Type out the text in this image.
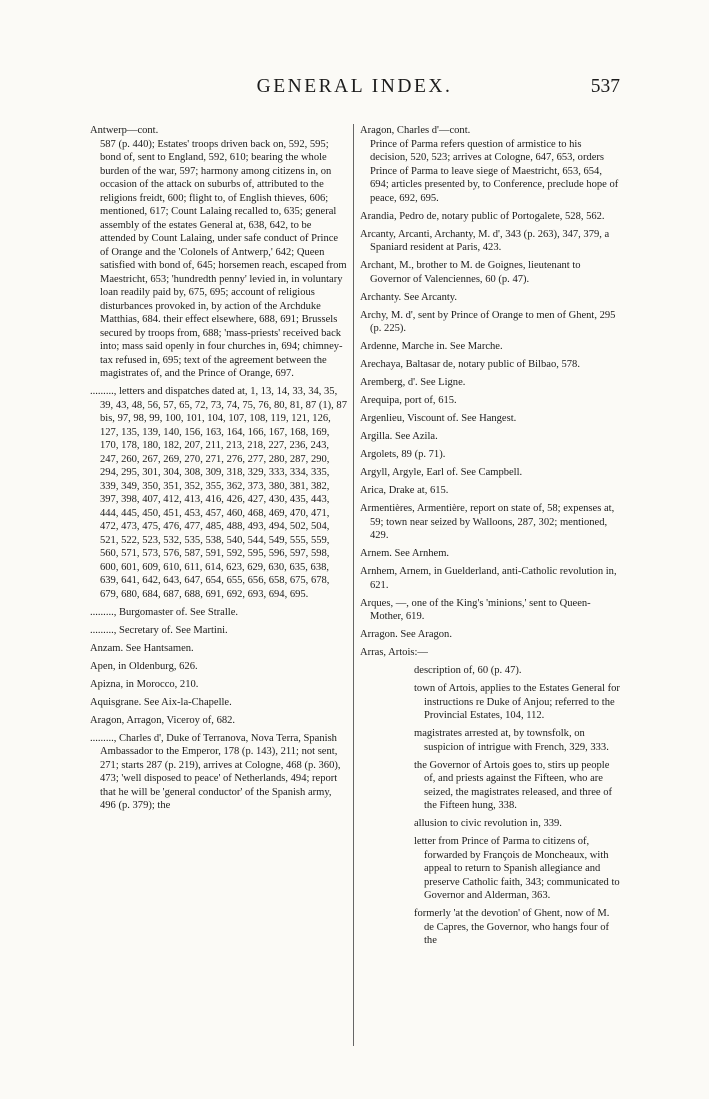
GENERAL INDEX.	537
Antwerp—cont.
587 (p. 440); Estates' troops driven back on, 592, 595; bond of, sent to England, 592, 610; bearing the whole burden of the war, 597; harmony among citizens in, on occasion of the attack on suburbs of, attributed to the religions freidt, 600; flight to, of English thieves, 606; mentioned, 617; Count Lalaing recalled to, 635; general assembly of the estates General at, 638, 642, to be attended by Count Lalaing, under safe conduct of Prince of Orange and the 'Colonels of Antwerp,' 642; Queen satisfied with bond of, 645; horsemen reach, escaped from Maestricht, 653; 'hundredth penny' levied in, in voluntary loan readily paid by, 675, 695; account of religious disturbances provoked in, by action of the Archduke Matthias, 684. their effect elsewhere, 688, 691; Brussels secured by troops from, 688; 'mass-priests' received back into; mass said openly in four churches in, 694; chimney-tax refused in, 695; text of the agreement between the magistrates of, and the Prince of Orange, 697.
........., letters and dispatches dated at, 1, 13, 14, 33, 34, 35, 39, 43, 48, 56, 57, 65, 72, 73, 74, 75, 76, 80, 81, 87 (1), 87 bis, 97, 98, 99, 100, 101, 104, 107, 108, 119, 121, 126, 127, 135, 139, 140, 156, 163, 164, 166, 167, 168, 169, 170, 178, 180, 182, 207, 211, 213, 218, 227, 236, 243, 247, 260, 267, 269, 270, 271, 276, 277, 280, 287, 290, 294, 295, 301, 304, 308, 309, 318, 329, 333, 334, 335, 339, 349, 350, 351, 352, 355, 362, 373, 380, 381, 382, 397, 398, 407, 412, 413, 416, 426, 427, 430, 435, 443, 444, 445, 450, 451, 453, 457, 460, 468, 469, 470, 471, 472, 473, 475, 476, 477, 485, 488, 493, 494, 502, 504, 521, 522, 523, 532, 535, 538, 540, 544, 549, 555, 559, 560, 571, 573, 576, 587, 591, 592, 595, 596, 597, 598, 600, 601, 609, 610, 611, 614, 623, 629, 630, 635, 638, 639, 641, 642, 643, 647, 654, 655, 656, 658, 675, 678, 679, 680, 684, 687, 688, 691, 692, 693, 694, 695.
........., Burgomaster of. See Stralle.
........., Secretary of. See Martini.
Anzam. See Hantsamen.
Apen, in Oldenburg, 626.
Apizna, in Morocco, 210.
Aquisgrane. See Aix-la-Chapelle.
Aragon, Arragon, Viceroy of, 682.
........., Charles d', Duke of Terranova, Nova Terra, Spanish Ambassador to the Emperor, 178 (p. 143), 211; not sent, 271; starts 287 (p. 219), arrives at Cologne, 468 (p. 360), 473; 'well disposed to peace' of Netherlands, 494; report that he will be 'general conductor' of the Spanish army, 496 (p. 379); the
Aragon, Charles d'—cont.
Prince of Parma refers question of armistice to his decision, 520, 523; arrives at Cologne, 647, 653, orders Prince of Parma to leave siege of Maestricht, 653, 654, 694; articles presented by, to Conference, preclude hope of peace, 692, 695.
Arandia, Pedro de, notary public of Portogalete, 528, 562.
Arcanty, Arcanti, Archanty, M. d', 343 (p. 263), 347, 379, a Spaniard resident at Paris, 423.
Archant, M., brother to M. de Goignes, lieutenant to Governor of Valenciennes, 60 (p. 47).
Archanty. See Arcanty.
Archy, M. d', sent by Prince of Orange to men of Ghent, 295 (p. 225).
Ardenne, Marche in. See Marche.
Arechaya, Baltasar de, notary public of Bilbao, 578.
Aremberg, d'. See Ligne.
Arequipa, port of, 615.
Argenlieu, Viscount of. See Hangest.
Argilla. See Azila.
Argolets, 89 (p. 71).
Argyll, Argyle, Earl of. See Campbell.
Arica, Drake at, 615.
Armentières, Armentière, report on state of, 58; expenses at, 59; town near seized by Walloons, 287, 302; mentioned, 429.
Arnem. See Arnhem.
Arnhem, Arnem, in Guelderland, anti-Catholic revolution in, 621.
Arques, —, one of the King's 'minions,' sent to Queen-Mother, 619.
Arragon. See Aragon.
Arras, Artois:—
description of, 60 (p. 47).
town of Artois, applies to the Estates General for instructions re Duke of Anjou; referred to the Provincial Estates, 104, 112.
magistrates arrested at, by townsfolk, on suspicion of intrigue with French, 329, 333.
the Governor of Artois goes to, stirs up people of, and priests against the Fifteen, who are seized, the magistrates released, and three of the Fifteen hung, 338.
allusion to civic revolution in, 339.
letter from Prince of Parma to citizens of, forwarded by François de Moncheaux, with appeal to return to Spanish allegiance and preserve Catholic faith, 343; communicated to Governor and Alderman, 363.
formerly 'at the devotion' of Ghent, now of M. de Capres, the Governor, who hangs four of the
